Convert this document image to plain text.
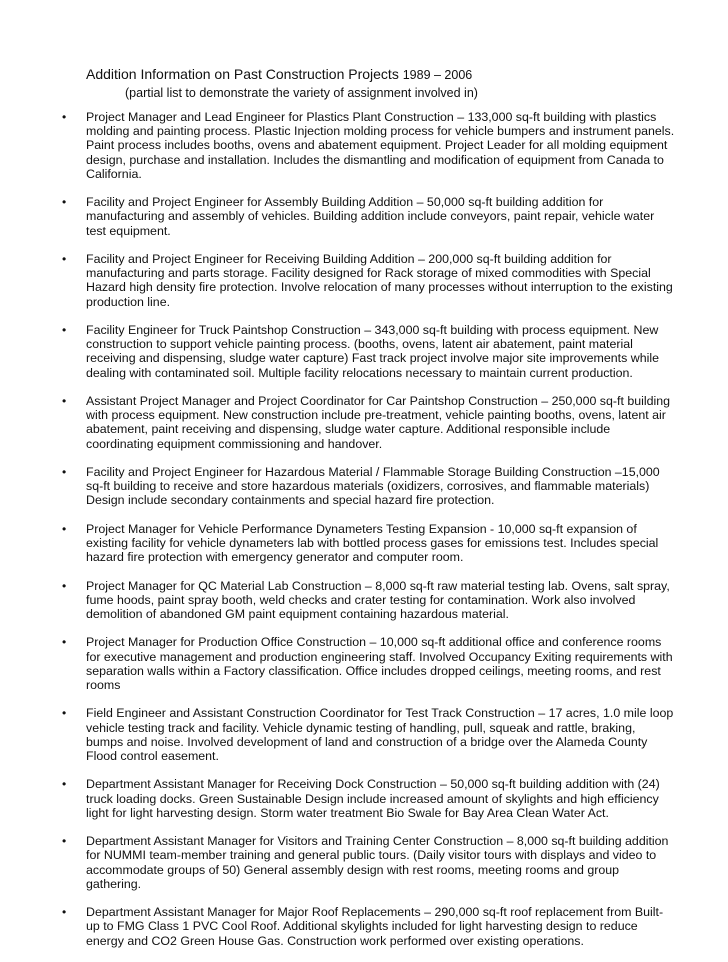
Addition Information on Past Construction Projects 1989 – 2006
(partial list to demonstrate the variety of assignment involved in)
• Project Manager and Lead Engineer for Plastics Plant Construction – 133,000 sq-ft building with plastics molding and painting process. Plastic Injection molding process for vehicle bumpers and instrument panels. Paint process includes booths, ovens and abatement equipment. Project Leader for all molding equipment design, purchase and installation. Includes the dismantling and modification of equipment from Canada to California.
• Facility and Project Engineer for Assembly Building Addition – 50,000 sq-ft building addition for manufacturing and assembly of vehicles. Building addition include conveyors, paint repair, vehicle water test equipment.
• Facility and Project Engineer for Receiving Building Addition – 200,000 sq-ft building addition for manufacturing and parts storage. Facility designed for Rack storage of mixed commodities with Special Hazard high density fire protection. Involve relocation of many processes without interruption to the existing production line.
• Facility Engineer for Truck Paintshop Construction – 343,000 sq-ft building with process equipment. New construction to support vehicle painting process. (booths, ovens, latent air abatement, paint material receiving and dispensing, sludge water capture) Fast track project involve major site improvements while dealing with contaminated soil. Multiple facility relocations necessary to maintain current production.
• Assistant Project Manager and Project Coordinator for Car Paintshop Construction – 250,000 sq-ft building with process equipment. New construction include pre-treatment, vehicle painting booths, ovens, latent air abatement, paint receiving and dispensing, sludge water capture. Additional responsible include coordinating equipment commissioning and handover.
• Facility and Project Engineer for Hazardous Material / Flammable Storage Building Construction –15,000 sq-ft building to receive and store hazardous materials (oxidizers, corrosives, and flammable materials) Design include secondary containments and special hazard fire protection.
• Project Manager for Vehicle Performance Dynameters Testing Expansion - 10,000 sq-ft expansion of existing facility for vehicle dynameters lab with bottled process gases for emissions test. Includes special hazard fire protection with emergency generator and computer room.
• Project Manager for QC Material Lab Construction – 8,000 sq-ft raw material testing lab. Ovens, salt spray, fume hoods, paint spray booth, weld checks and crater testing for contamination. Work also involved demolition of abandoned GM paint equipment containing hazardous material.
• Project Manager for Production Office Construction – 10,000 sq-ft additional office and conference rooms for executive management and production engineering staff. Involved Occupancy Exiting requirements with separation walls within a Factory classification. Office includes dropped ceilings, meeting rooms, and rest rooms
• Field Engineer and Assistant Construction Coordinator for Test Track Construction – 17 acres, 1.0 mile loop vehicle testing track and facility. Vehicle dynamic testing of handling, pull, squeak and rattle, braking, bumps and noise. Involved development of land and construction of a bridge over the Alameda County Flood control easement.
• Department Assistant Manager for Receiving Dock Construction – 50,000 sq-ft building addition with (24) truck loading docks. Green Sustainable Design include increased amount of skylights and high efficiency light for light harvesting design. Storm water treatment Bio Swale for Bay Area Clean Water Act.
• Department Assistant Manager for Visitors and Training Center Construction – 8,000 sq-ft building addition for NUMMI team-member training and general public tours. (Daily visitor tours with displays and video to accommodate groups of 50) General assembly design with rest rooms, meeting rooms and group gathering.
• Department Assistant Manager for Major Roof Replacements – 290,000 sq-ft roof replacement from Built-up to FMG Class 1 PVC Cool Roof. Additional skylights included for light harvesting design to reduce energy and CO2 Green House Gas. Construction work performed over existing operations.
